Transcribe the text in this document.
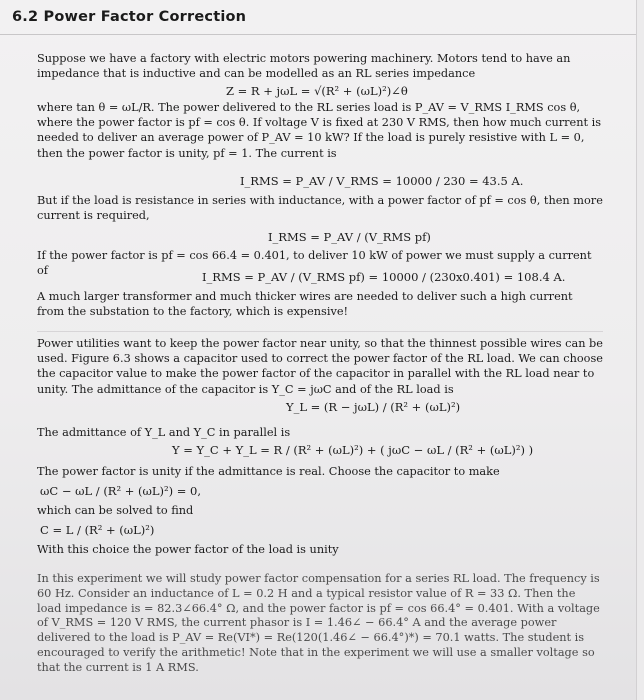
6.2 Power Factor Correction

Suppose we have a factory with electric motors powering machinery. Motors tend to have an impedance that is inductive and can be modelled as an RL series impedance

Z = R + jωL = √(R² + (ωL)²)∠θ

where tan θ = ωL/R. The power delivered to the RL series load is P_AV = V_RMS I_RMS cos θ, where the power factor is pf = cos θ. If voltage V is fixed at 230 V RMS, then how much current is needed to deliver an average power of P_AV = 10 kW? If the load is purely resistive with L = 0, then the power factor is unity, pf = 1. The current is

I_RMS = P_AV / V_RMS = 10000 / 230 = 43.5 A.

But if the load is resistance in series with inductance, with a power factor of pf = cos θ, then more current is required,

I_RMS = P_AV / (V_RMS pf)

If the power factor is pf = cos 66.4 = 0.401, to deliver 10 kW of power we must supply a current of	I_RMS = P_AV / (V_RMS pf) = 10000 / (230x0.401) = 108.4 A.

A much larger transformer and much thicker wires are needed to deliver such a high current from the substation to the factory, which is expensive!

Power utilities want to keep the power factor near unity, so that the thinnest possible wires can be used. Figure 6.3 shows a capacitor used to correct the power factor of the RL load. We can choose the capacitor value to make the power factor of the capacitor in parallel with the RL load near to unity. The admittance of the capacitor is Y_C = jωC and of the RL load is

Y_L = (R − jωL) / (R² + (ωL)²)

The admittance of Y_L and Y_C in parallel is

Y = Y_C + Y_L = R / (R² + (ωL)²) + ( jωC − ωL / (R² + (ωL)²) )

The power factor is unity if the admittance is real. Choose the capacitor to make

ωC − ωL / (R² + (ωL)²) = 0,

which can be solved to find

C = L / (R² + (ωL)²)

With this choice the power factor of the load is unity

In this experiment we will study power factor compensation for a series RL load. The frequency is 60 Hz. Consider an inductance of L = 0.2 H and a typical resistor value of R = 33 Ω. Then the load impedance is = 82.3∠66.4° Ω, and the power factor is pf = cos 66.4° = 0.401. With a voltage of V_RMS = 120 V RMS, the current phasor is I = 1.46∠ − 66.4° A and the average power delivered to the load is P_AV = Re(VI*) = Re(120(1.46∠ − 66.4°)*) = 70.1 watts. The student is encouraged to verify the arithmetic! Note that in the experiment we will use a smaller voltage so that the current is 1 A RMS.
